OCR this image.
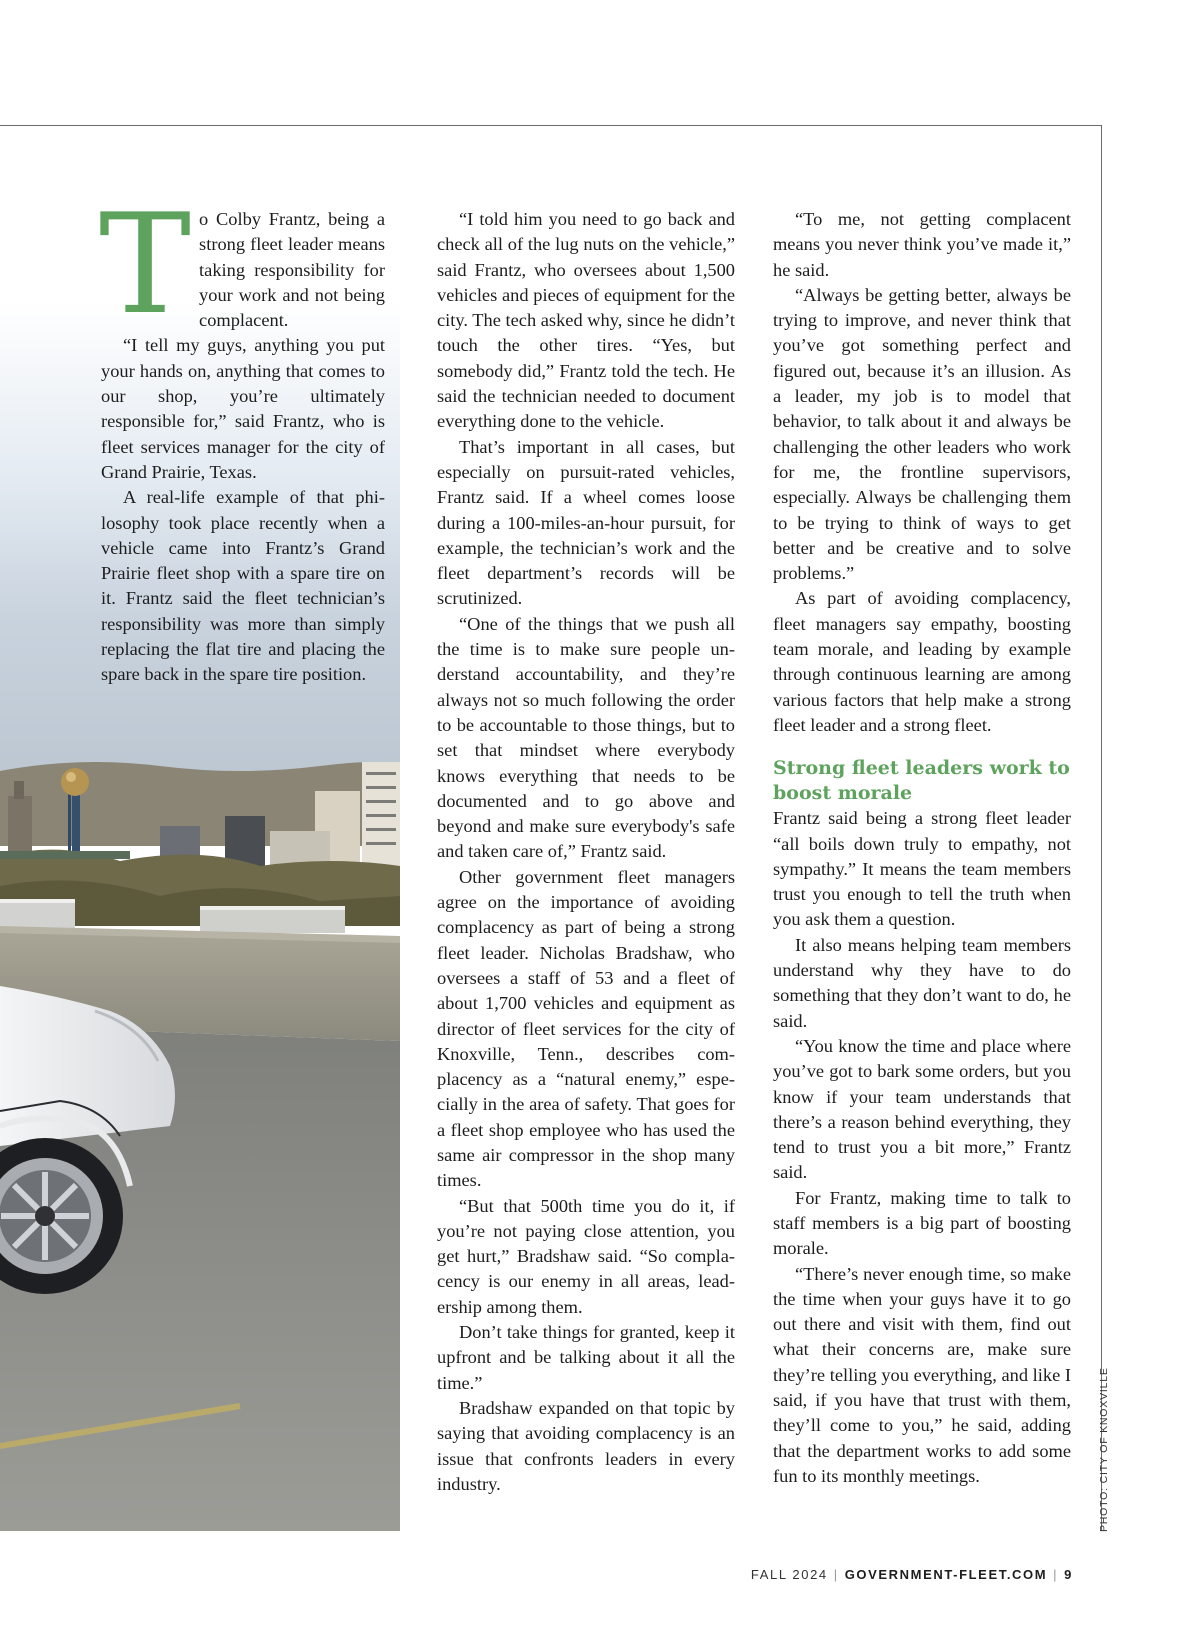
To Colby Frantz, being a strong fleet leader means taking responsibility for your work and not being complacent.

“I tell my guys, anything you put your hands on, anything that comes to our shop, you’re ultimately responsible for,” said Frantz, who is fleet services manager for the city of Grand Prairie, Texas.

A real-life example of that philosophy took place recently when a vehicle came into Frantz’s Grand Prairie fleet shop with a spare tire on it. Frantz said the fleet technician’s responsibility was more than simply replacing the flat tire and placing the spare back in the spare tire position.

“I told him you need to go back and check all of the lug nuts on the vehicle,” said Frantz, who oversees about 1,500 vehicles and pieces of equipment for the city. The tech asked why, since he didn’t touch the other tires. “Yes, but somebody did,” Frantz told the tech. He said the technician needed to document everything done to the vehicle.

That’s important in all cases, but especially on pursuit-rated vehicles, Frantz said. If a wheel comes loose during a 100-miles-an-hour pursuit, for example, the technician’s work and the fleet department’s records will be scrutinized.

“One of the things that we push all the time is to make sure people understand accountability, and they’re always not so much following the order to be accountable to those things, but to set that mindset where everybody knows everything that needs to be documented and to go above and beyond and make sure everybody's safe and taken care of,” Frantz said.

Other government fleet managers agree on the importance of avoiding complacency as part of being a strong fleet leader. Nicholas Bradshaw, who oversees a staff of 53 and a fleet of about 1,700 vehicles and equipment as director of fleet services for the city of Knoxville, Tenn., describes complacency as a “natural enemy,” especially in the area of safety. That goes for a fleet shop employee who has used the same air compressor in the shop many times.

“But that 500th time you do it, if you’re not paying close attention, you get hurt,” Bradshaw said. “So complacency is our enemy in all areas, leadership among them.

Don’t take things for granted, keep it upfront and be talking about it all the time.”

Bradshaw expanded on that topic by saying that avoiding complacency is an issue that confronts leaders in every industry.

“To me, not getting complacent means you never think you’ve made it,” he said.

“Always be getting better, always be trying to improve, and never think that you’ve got something perfect and figured out, because it’s an illusion. As a leader, my job is to model that behavior, to talk about it and always be challenging the other leaders who work for me, the frontline supervisors, especially. Always be challenging them to be trying to think of ways to get better and be creative and to solve problems.”

As part of avoiding complacency, fleet managers say empathy, boosting team morale, and leading by example through continuous learning are among various factors that help make a strong fleet leader and a strong fleet.

Strong fleet leaders work to boost morale

Frantz said being a strong fleet leader “all boils down truly to empathy, not sympathy.” It means the team members trust you enough to tell the truth when you ask them a question.

It also means helping team members understand why they have to do something that they don’t want to do, he said.

“You know the time and place where you’ve got to bark some orders, but you know if your team understands that there’s a reason behind everything, they tend to trust you a bit more,” Frantz said.

For Frantz, making time to talk to staff members is a big part of boosting morale.

“There’s never enough time, so make the time when your guys have it to go out there and visit with them, find out what their concerns are, make sure they’re telling you everything, and like I said, if you have that trust with them, they’ll come to you,” he said, adding that the department works to add some fun to its monthly meetings.	PHOTO: CITY OF KNOXVILLE
FALL 2024 | GOVERNMENT-FLEET.COM | 9
